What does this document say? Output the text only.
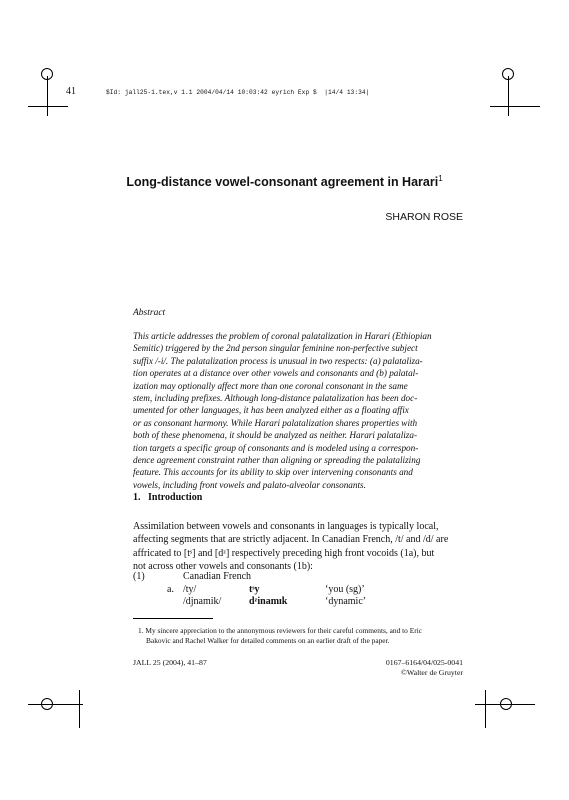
41	$Id: jall25-1.tex,v 1.1 2004/04/14 10:03:42 eyrich Exp $  |14/4 13:34|
Long-distance vowel-consonant agreement in Harari$^1$
SHARON ROSE
Abstract
This article addresses the problem of coronal palatalization in Harari (Ethiopian
Semitic) triggered by the 2nd person singular feminine non-perfective subject
suffix /-i/. The palatalization process is unusual in two respects: (a) palataliza-
tion operates at a distance over other vowels and consonants and (b) palatal-
ization may optionally affect more than one coronal consonant in the same
stem, including prefixes. Although long-distance palatalization has been doc-
umented for other languages, it has been analyzed either as a floating affix
or as consonant harmony. While Harari palatalization shares properties with
both of these phenomena, it should be analyzed as neither. Harari palataliza-
tion targets a specific group of consonants and is modeled using a correspon-
dence agreement constraint rather than aligning or spreading the palatalizing
feature. This accounts for its ability to skip over intervening consonants and
vowels, including front vowels and palato-alveolar consonants.
1. Introduction
Assimilation between vowels and consonants in languages is typically local,
affecting segments that are strictly adjacent. In Canadian French, /t/ and /d/ are
affricated to [tˢ] and [dᶻ] respectively preceding high front vocoids (1a), but
not across other vowels and consonants (1b):
(1)	Canadian French
a. /ty/	tˢy	‘you (sg)’
/djnamik/	dᶻinamık	‘dynamic’
1. My sincere appreciation to the annonymous reviewers for their careful comments, and to Eric
Bakovic and Rachel Walker for detailed comments on an earlier draft of the paper.
JALL 25 (2004), 41–87	0167–6164/04/025-0041
©Walter de Gruyter
